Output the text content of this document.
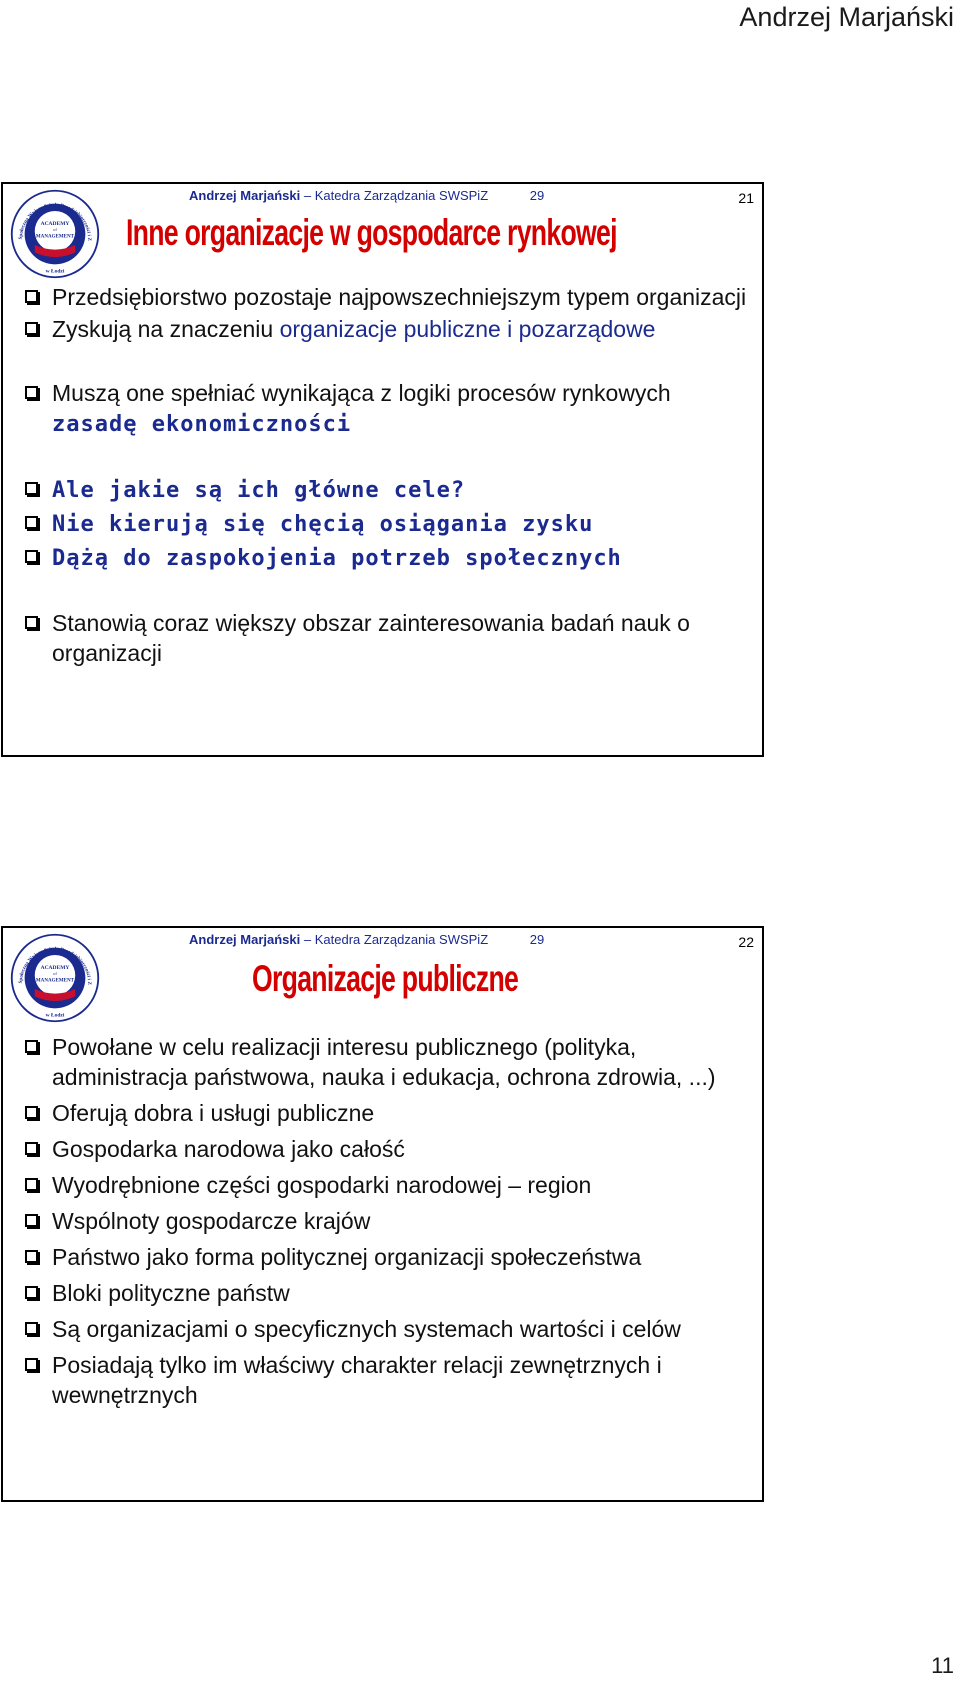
Andrzej Marjański
ACADEMY
of
MANAGEMENT
w Łodzi
Społeczna Wyższa Szkoła Przedsiębiorczości i Z
Andrzej Marjański – Katedra Zarządzania SWSPiZ	29	21
Inne organizacje w gospodarce rynkowej
Przedsiębiorstwo pozostaje najpowszechniejszym typem organizacji
Zyskują na znaczeniu organizacje publiczne i pozarządowe
Muszą one spełniać wynikająca z logiki procesów rynkowych zasadę ekonomiczności
Ale jakie są ich główne cele?
Nie kierują się chęcią osiągania zysku
Dążą do zaspokojenia potrzeb społecznych
Stanowią coraz większy obszar zainteresowania badań nauk o organizacji
ACADEMY
of
MANAGEMENT
w Łodzi
Społeczna Wyższa Szkoła Przedsiębiorczości i Z
Andrzej Marjański – Katedra Zarządzania SWSPiZ	29	22
Organizacje publiczne
Powołane w celu realizacji interesu publicznego (polityka, administracja państwowa, nauka i edukacja, ochrona zdrowia, ...)
Oferują dobra i usługi publiczne
Gospodarka narodowa jako całość
Wyodrębnione części gospodarki narodowej – region
Wspólnoty gospodarcze krajów
Państwo jako forma politycznej organizacji społeczeństwa
Bloki polityczne państw
Są organizacjami o specyficznych systemach wartości i celów
Posiadają tylko im właściwy charakter relacji zewnętrznych i wewnętrznych
11
